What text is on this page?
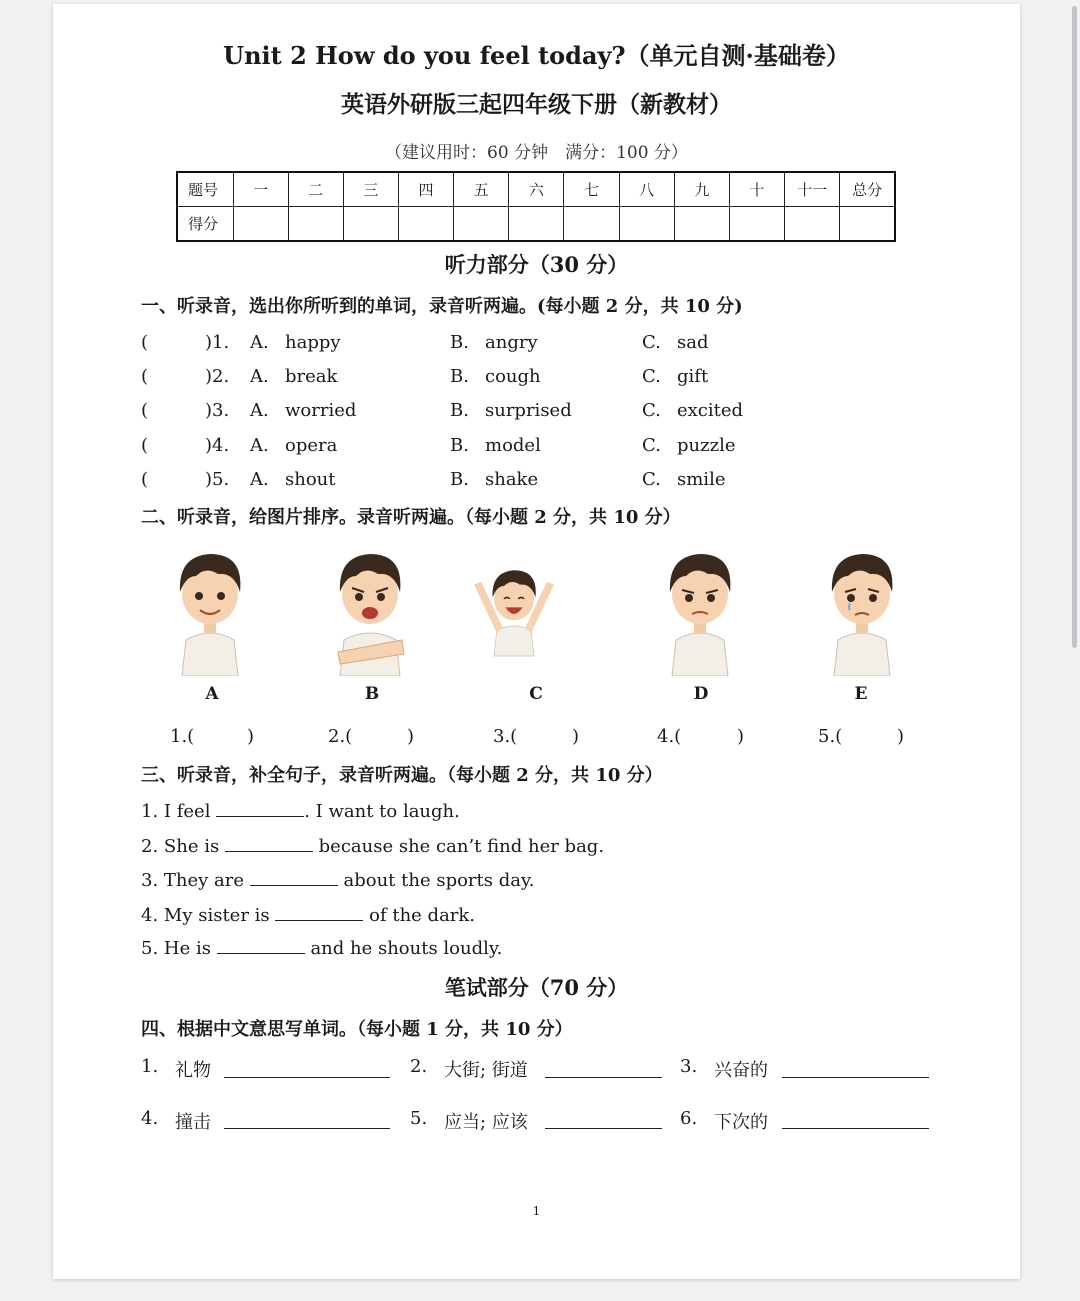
Unit 2 How do you feel today?（单元自测·基础卷）
英语外研版三起四年级下册（新教材）
（建议用时：60 分钟　满分：100 分）
题号	一	二	三	四	五	六	七	八	九	十	十一	总分
得分												
听力部分（30 分）
一、听录音，选出你所听到的单词，录音听两遍。(每小题 2 分，共 10 分)
(	)1. A. happy	B. angry	C. sad
(	)2. A. break	B. cough	C. gift
(	)3. A. worried	B. surprised	C. excited
(	)4. A. opera	B. model	C. puzzle
(	)5. A. shout	B. shake	C. smile
二、听录音，给图片排序。录音听两遍。（每小题 2 分，共 10 分）
A	B	C	D	E
1.(	)	2.(	)	3.(	)	4.(	)	5.(	)
三、听录音，补全句子，录音听两遍。（每小题 2 分，共 10 分）
1. I feel	. I want to laugh.
2. She is	because she can’t find her bag.
3. They are	about the sports day.
4. My sister is	of the dark.
5. He is	and he shouts loudly.
笔试部分（70 分）
四、根据中文意思写单词。（每小题 1 分，共 10 分）
1. 礼物	2. 大街; 街道	3. 兴奋的
4. 撞击	5. 应当; 应该	6. 下次的
1
